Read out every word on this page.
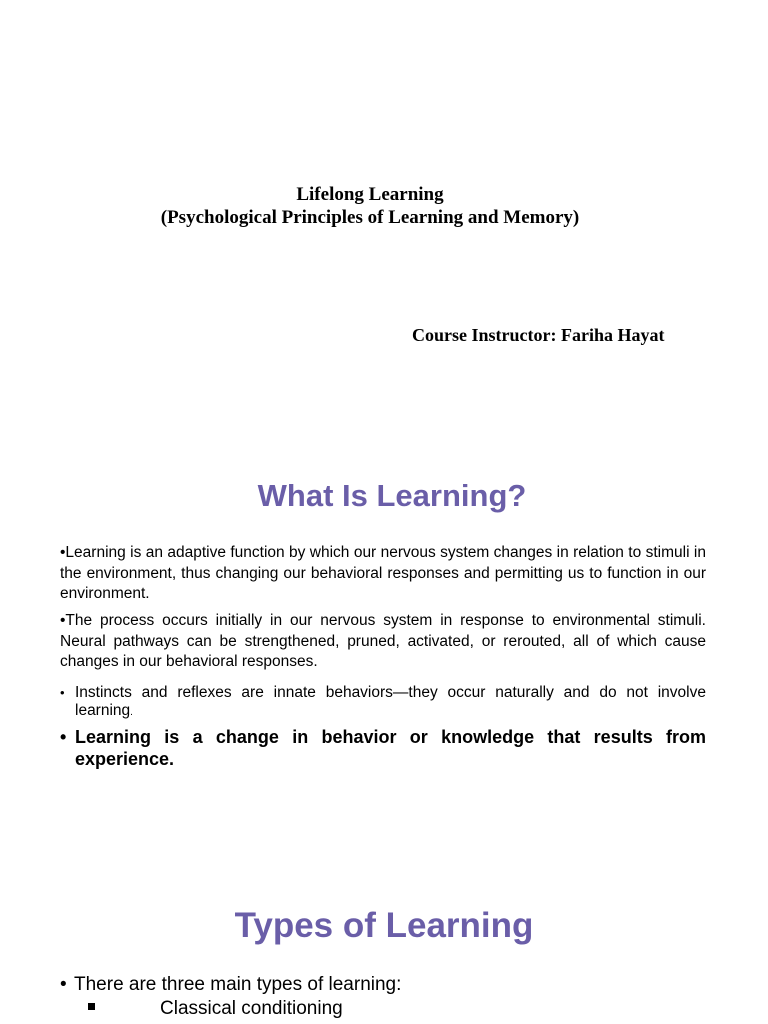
Lifelong Learning
(Psychological Principles of Learning and Memory)
Course Instructor: Fariha Hayat
What Is Learning?

•Learning is an adaptive function by which our nervous system changes in relation to stimuli in the environment, thus changing our behavioral responses and permitting us to function in our environment.

•The process occurs initially in our nervous system in response to environmental stimuli. Neural pathways can be strengthened, pruned, activated, or rerouted, all of which cause changes in our behavioral responses.

• Instincts and reflexes are innate behaviors—they occur naturally and do not involve learning.
• Learning is a change in behavior or knowledge that results from experience.
Types of Learning
• There are three main types of learning:
Classical conditioning
